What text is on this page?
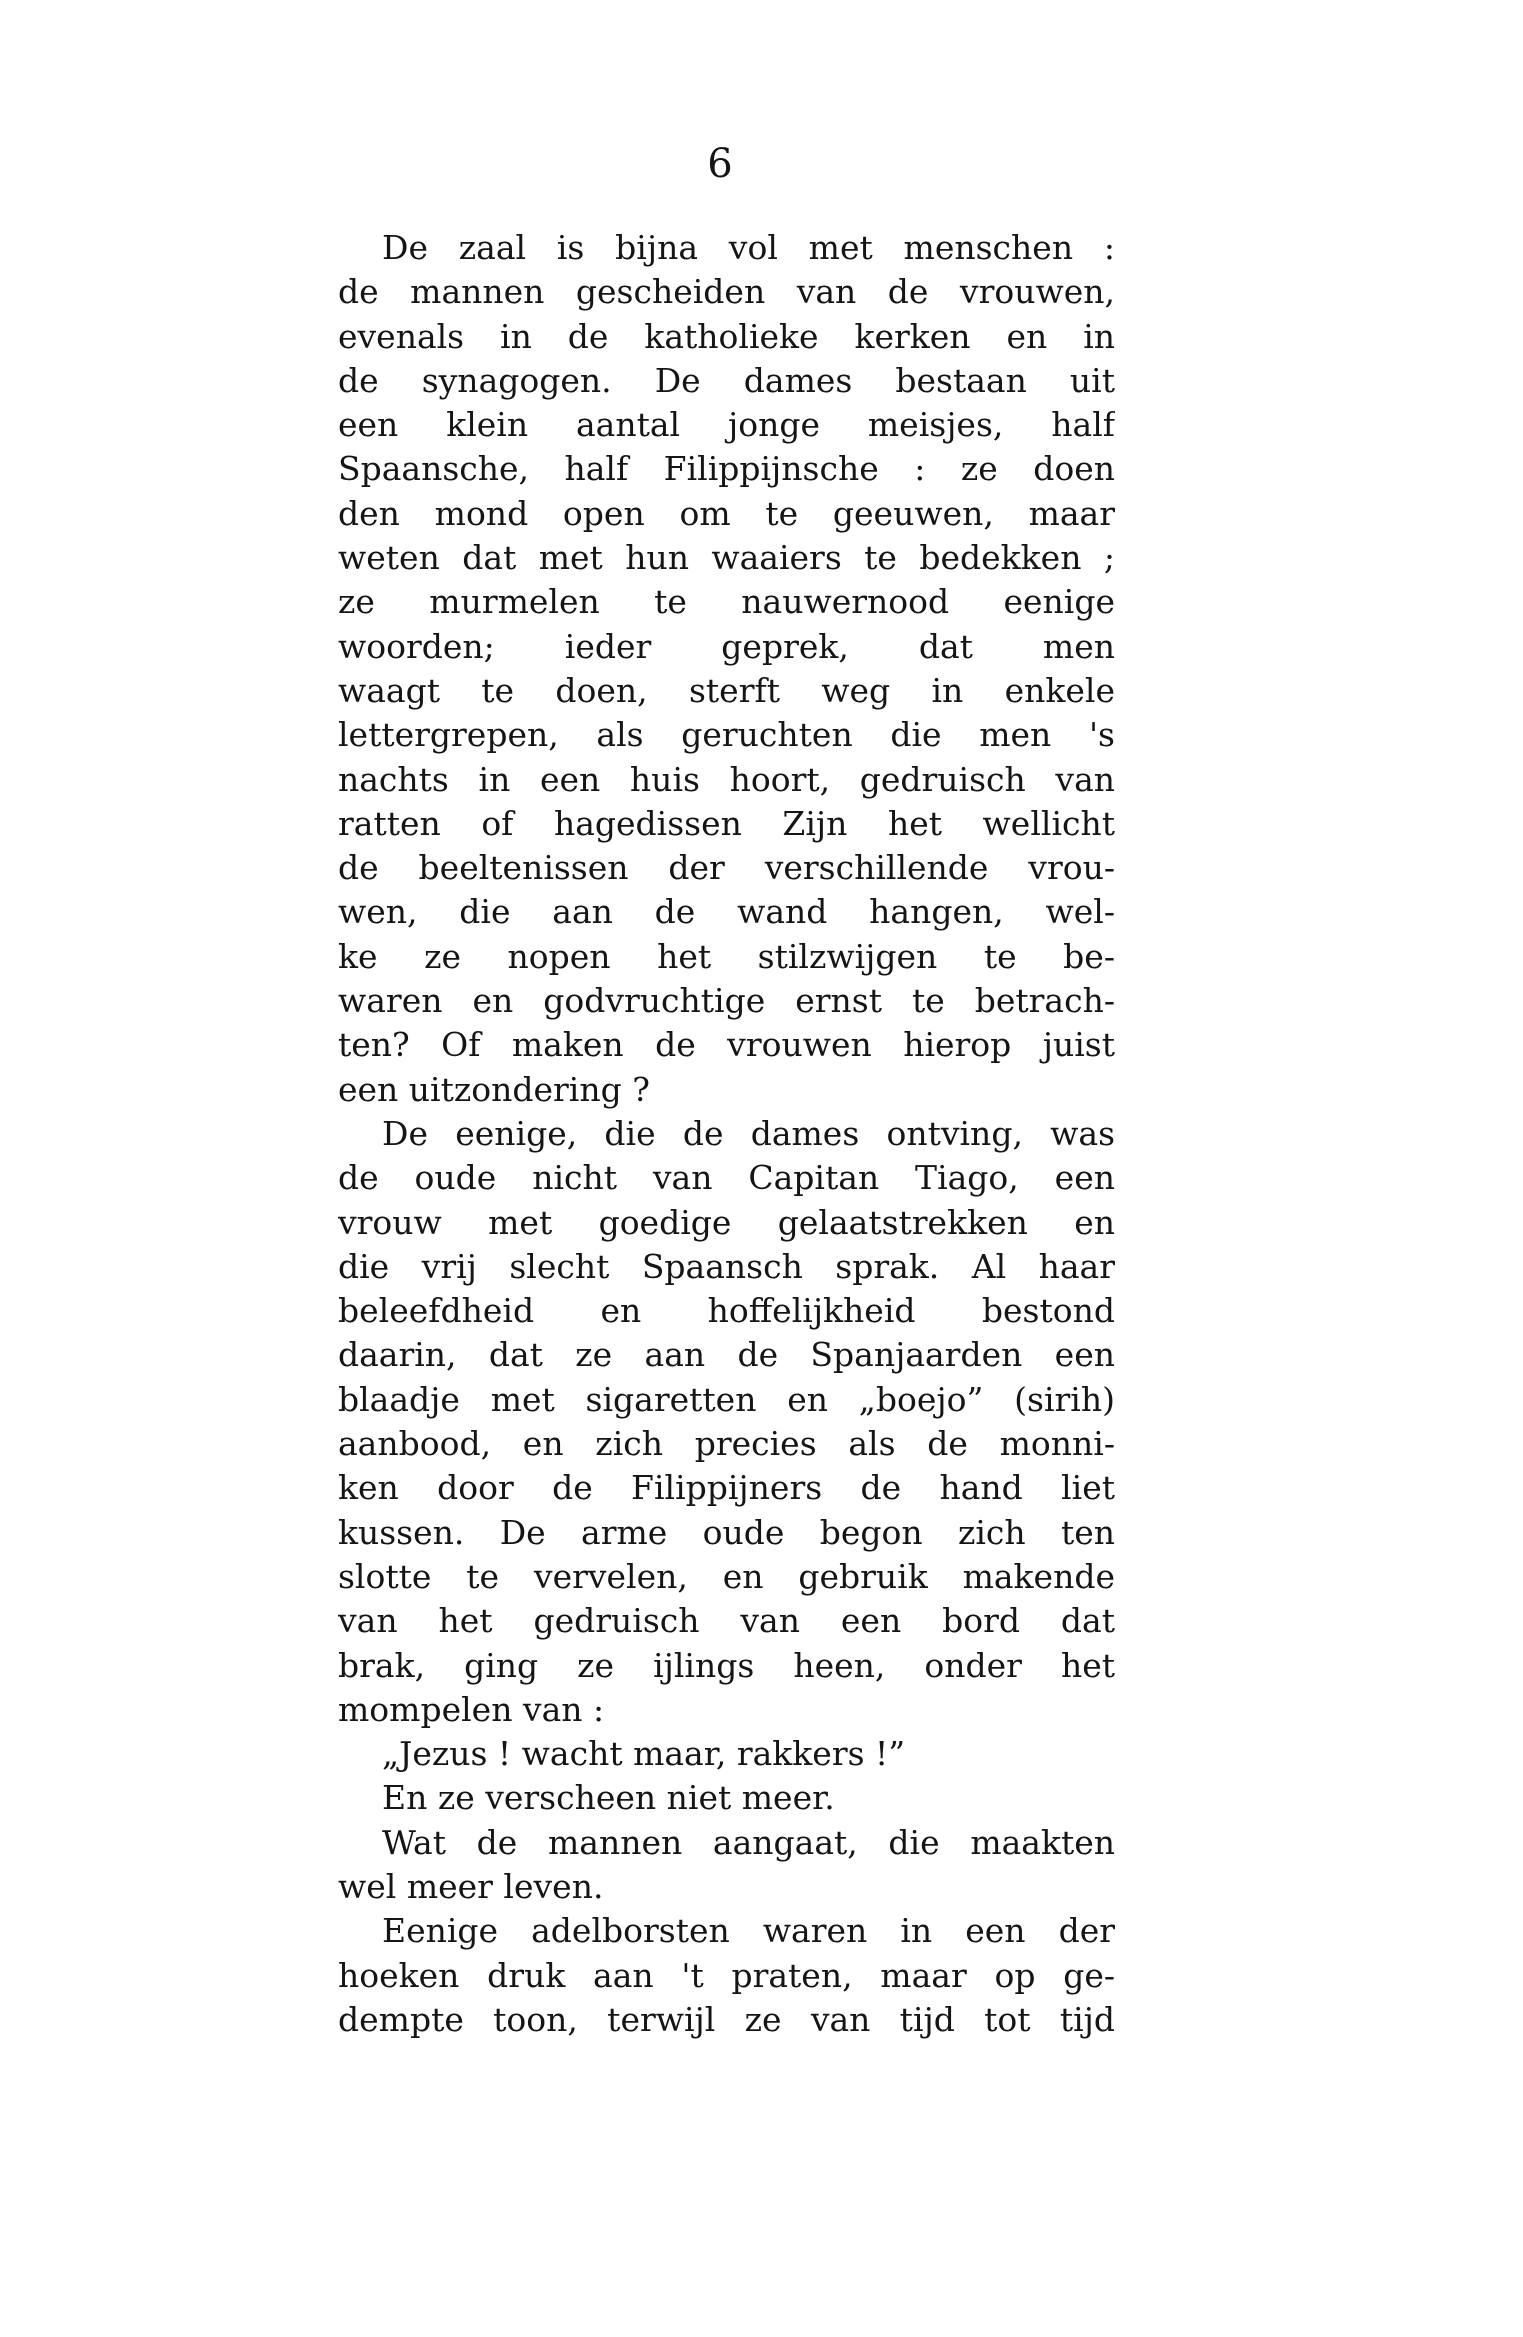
6
De zaal is bijna vol met menschen :
de mannen gescheiden van de vrouwen,
evenals in de katholieke kerken en in
de synagogen. De dames bestaan uit
een klein aantal jonge meisjes, half
Spaansche, half Filippijnsche : ze doen
den mond open om te geeuwen, maar
weten dat met hun waaiers te bedekken ;
ze murmelen te nauwernood eenige
woorden; ieder geprek, dat men
waagt te doen, sterft weg in enkele
lettergrepen, als geruchten die men 's
nachts in een huis hoort, gedruisch van
ratten of hagedissen Zijn het wellicht
de beeltenissen der verschillende vrou-
wen, die aan de wand hangen, wel-
ke ze nopen het stilzwijgen te be-
waren en godvruchtige ernst te betrach-
ten? Of maken de vrouwen hierop juist
een uitzondering ?
De eenige, die de dames ontving, was
de oude nicht van Capitan Tiago, een
vrouw met goedige gelaatstrekken en
die vrij slecht Spaansch sprak. Al haar
beleefdheid en hoffelijkheid bestond
daarin, dat ze aan de Spanjaarden een
blaadje met sigaretten en „boejo” (sirih)
aanbood, en zich precies als de monni-
ken door de Filippijners de hand liet
kussen. De arme oude begon zich ten
slotte te vervelen, en gebruik makende
van het gedruisch van een bord dat
brak, ging ze ijlings heen, onder het
mompelen van :
„Jezus ! wacht maar, rakkers !”
En ze verscheen niet meer.
Wat de mannen aangaat, die maakten
wel meer leven.
Eenige adelborsten waren in een der
hoeken druk aan 't praten, maar op ge-
dempte toon, terwijl ze van tijd tot tijd
